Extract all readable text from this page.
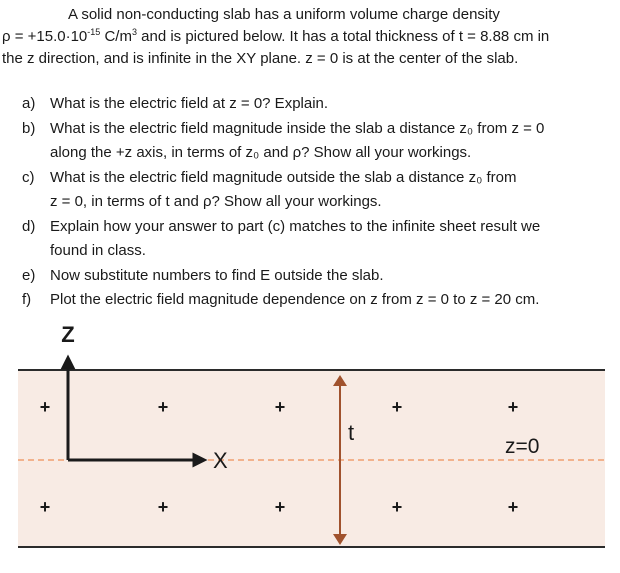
A solid non-conducting slab has a uniform volume charge density
$\rho = +15.0\cdot 10^{-15}$ $C/m^3$ and is pictured below. It has a total thickness of t = 8.88 cm in
the z direction, and is infinite in the XY plane. z = 0 is at the center of the slab.
a) What is the electric field at z = 0? Explain.
b) What is the electric field magnitude inside the slab a distance z₀ from z = 0
along the +z axis, in terms of z₀ and ρ? Show all your workings.
c)	What is the electric field magnitude outside the slab a distance z₀ from
z = 0, in terms of t and ρ? Show all your workings.
d) Explain how your answer to part (c) matches to the infinite sheet result we
found in class.
e) Now substitute numbers to find E outside the slab.
f)	Plot the electric field magnitude dependence on z from z = 0 to z = 20 cm.
+	+	+	+	+
+	+	+	+	+
Z
X
t
z=0
